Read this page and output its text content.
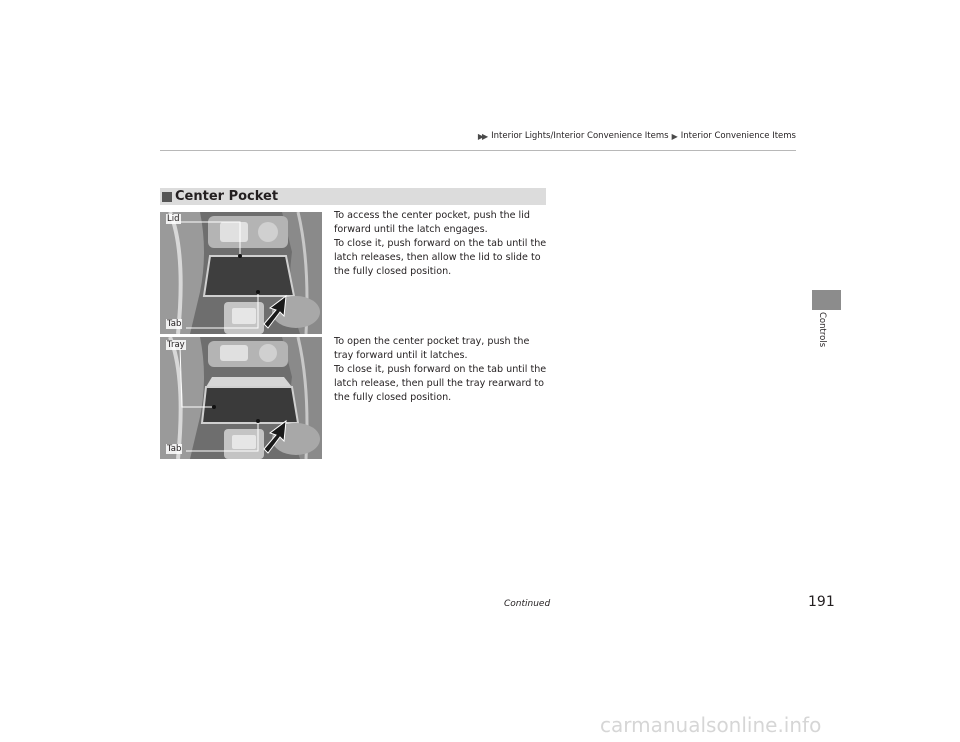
▶▶ Interior Lights/Interior Convenience Items ▶ Interior Convenience Items
Controls
Center Pocket
Lid
Tab
Tray
Tab

To access the center pocket, push the lid forward until the latch engages.

To close it, push forward on the tab until the latch releases, then allow the lid to slide to the fully closed position.

To open the center pocket tray, push the tray forward until it latches.

To close it, push forward on the tab until the latch release, then pull the tray rearward to the fully closed position.

Continued	191
carmanualsonline.info
